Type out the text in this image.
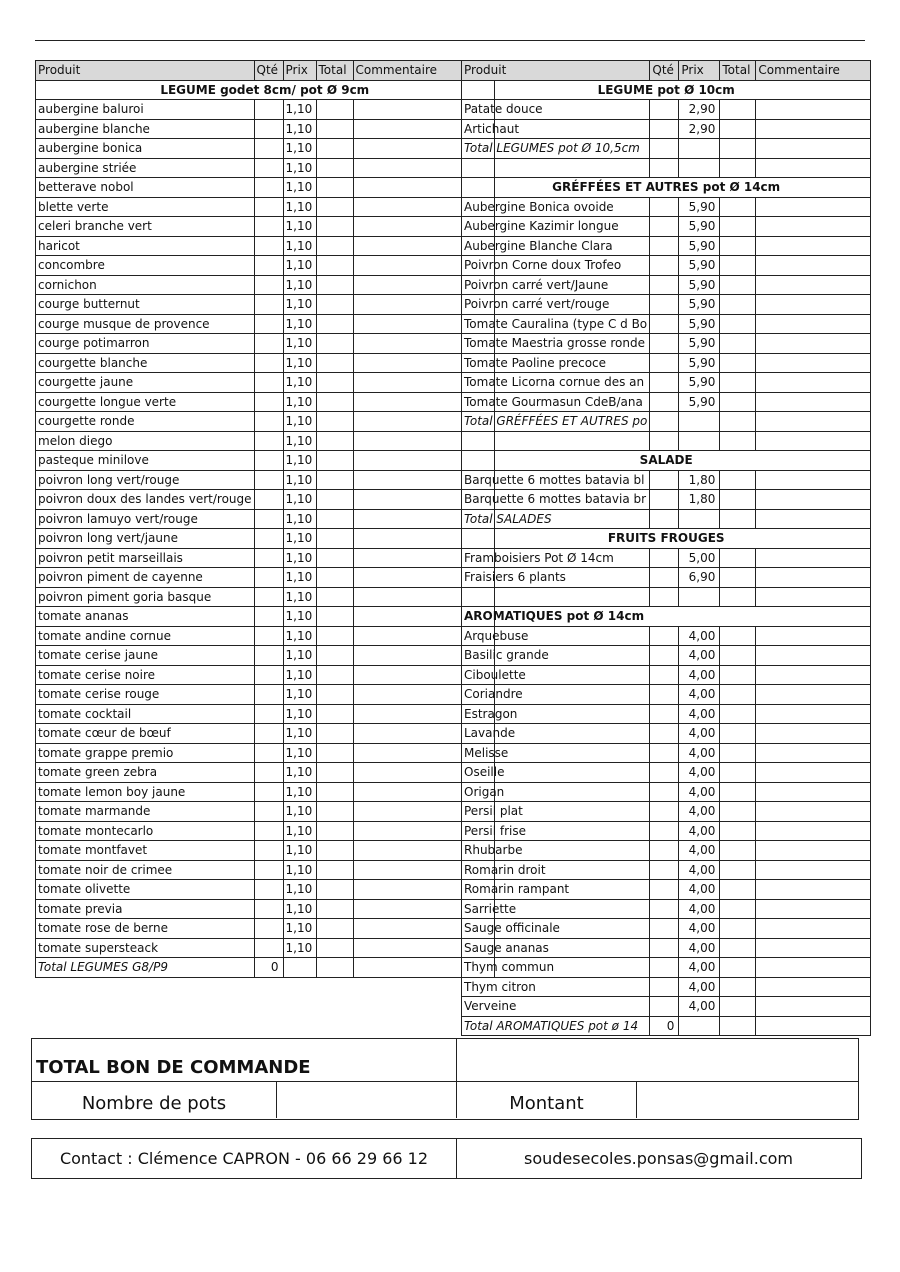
Produit	Qté	Prix	Total	Commentaire
LEGUME godet 8cm/ pot Ø 9cm				
aubergine baluroi		1,10		
aubergine blanche		1,10		
aubergine bonica		1,10		
aubergine striée		1,10		
betterave nobol		1,10		
blette verte		1,10		
celeri branche vert		1,10		
haricot		1,10		
concombre		1,10		
cornichon		1,10		
courge butternut		1,10		
courge musque de provence		1,10		
courge potimarron		1,10		
courgette blanche		1,10		
courgette jaune		1,10		
courgette longue verte		1,10		
courgette ronde		1,10		
melon diego		1,10		
pasteque minilove		1,10		
poivron long vert/rouge		1,10		
poivron doux des landes vert/rouge		1,10		
poivron lamuyo vert/rouge		1,10		
poivron long vert/jaune		1,10		
poivron petit marseillais		1,10		
poivron piment de cayenne		1,10		
poivron piment goria basque		1,10		
tomate ananas		1,10		
tomate andine cornue		1,10		
tomate cerise jaune		1,10		
tomate cerise noire		1,10		
tomate cerise rouge		1,10		
tomate cocktail		1,10		
tomate cœur de bœuf		1,10		
tomate grappe premio		1,10		
tomate green zebra		1,10		
tomate lemon boy jaune		1,10		
tomate marmande		1,10		
tomate montecarlo		1,10		
tomate montfavet		1,10		
tomate noir de crimee		1,10		
tomate olivette		1,10		
tomate previa		1,10		
tomate rose de berne		1,10		
tomate supersteack		1,10		
Total LEGUMES G8/P9	0			
Produit	Qté	Prix	Total	Commentaire
LEGUME pot Ø 10cm				
Patate douce		2,90		
Artichaut		2,90		
Total LEGUMES pot Ø 10,5cm				

GRÉFFÉES ET AUTRES pot Ø 14cm				
Aubergine Bonica ovoide		5,90		
Aubergine Kazimir longue		5,90		
Aubergine Blanche Clara		5,90		
Poivron Corne doux Trofeo		5,90		
Poivron carré vert/Jaune		5,90		
Poivron carré vert/rouge		5,90		
Tomate Cauralina (type C d Bo		5,90		
Tomate Maestria grosse ronde		5,90		
Tomate Paoline precoce		5,90		
Tomate Licorna cornue des an		5,90		
Tomate Gourmasun CdeB/ana		5,90		
Total GRÉFFÉES ET AUTRES po				

SALADE				
Barquette 6 mottes batavia bl		1,80		
Barquette 6 mottes batavia br		1,80		
Total SALADES				
FRUITS FROUGES				
Framboisiers Pot Ø 14cm		5,00		
Fraisiers 6 plants		6,90		

AROMATIQUES pot Ø 14cm				
Arquebuse		4,00		
Basilic grande		4,00		
Ciboulette		4,00		
Coriandre		4,00		
Estragon		4,00		
Lavande		4,00		
Melisse		4,00		
Oseille		4,00		
Origan		4,00		
Persil plat		4,00		
Persil frise		4,00		
Rhubarbe		4,00		
Romarin droit		4,00		
Romarin rampant		4,00		
Sarriette		4,00		
Sauge officinale		4,00		
Sauge ananas		4,00		
Thym commun		4,00		
Thym citron		4,00		
Verveine		4,00		
Total AROMATIQUES pot ø 14	0			
TOTAL BON DE COMMANDE
Nombre de pots	Montant
Contact : Clémence CAPRON - 06 66 29 66 12	soudesecoles.ponsas@gmail.com
